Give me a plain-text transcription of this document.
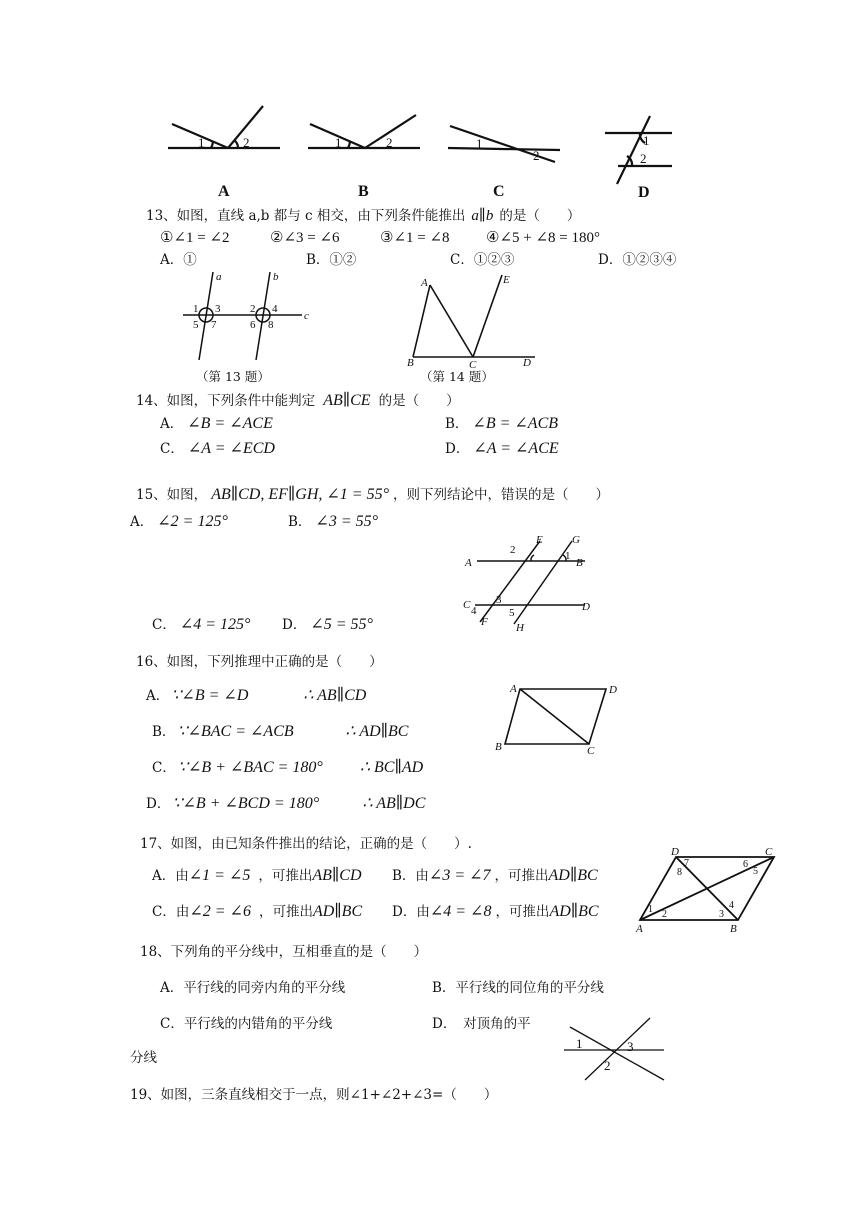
1	2	1	2	1
2
1
2
A	B	C	D
13、如图，直线 a,b 都与 c 相交，由下列条件能推出 a∥b 的是（　　）
①∠1 = ∠2	②∠3 = ∠6	③∠1 = ∠8 ④∠5 + ∠8 = 180°
A．①	B．①②	C．①②③	D．①②③④
a	b
c
1 3
5 7
2 4
6 8
（第 13 题）
A	E
B	C	D
（第 14 题）
14、如图，下列条件中能判定 AB∥CE 的是（　　）
A． ∠B = ∠ACE	B． ∠B = ∠ACB
C． ∠A = ∠ECD	D． ∠A = ∠ACE
15、如图， AB∥CD, EF∥GH, ∠1 = 55° ，则下列结论中，错误的是（　　）
A． ∠2 = 125°	B． ∠3 = 55°
C． ∠4 = 125° D． ∠5 = 55°
A	B
C	D
E	G
F	H
2	1
3
4	5
16、如图，下列推理中正确的是（　　）
A． ∵∠B = ∠D	∴ AB∥CD
B． ∵∠BAC = ∠ACB	∴ AD∥BC
C． ∵∠B + ∠BAC = 180° ∴ BC∥AD
D． ∵∠B + ∠BCD = 180°	∴ AB∥DC
A	D
B	C
17、如图，由已知条件推出的结论，正确的是（　　）.
A．由∠1 = ∠5 ，可推出AB∥CD B．由∠3 = ∠7 ，可推出AD∥BC
C．由∠2 = ∠6 ，可推出AD∥BC D．由∠4 = ∠8 ，可推出AD∥BC
D	C
A	B
7
8
6
5
1 2
4
3
18、下列角的平分线中，互相垂直的是（　　）
A．平行线的同旁内角的平分线	B．平行线的同位角的平分线
C．平行线的内错角的平分线	D．　对顶角的平
分线
1	3
2
19、如图，三条直线相交于一点，则∠1+∠2+∠3=（　　）
